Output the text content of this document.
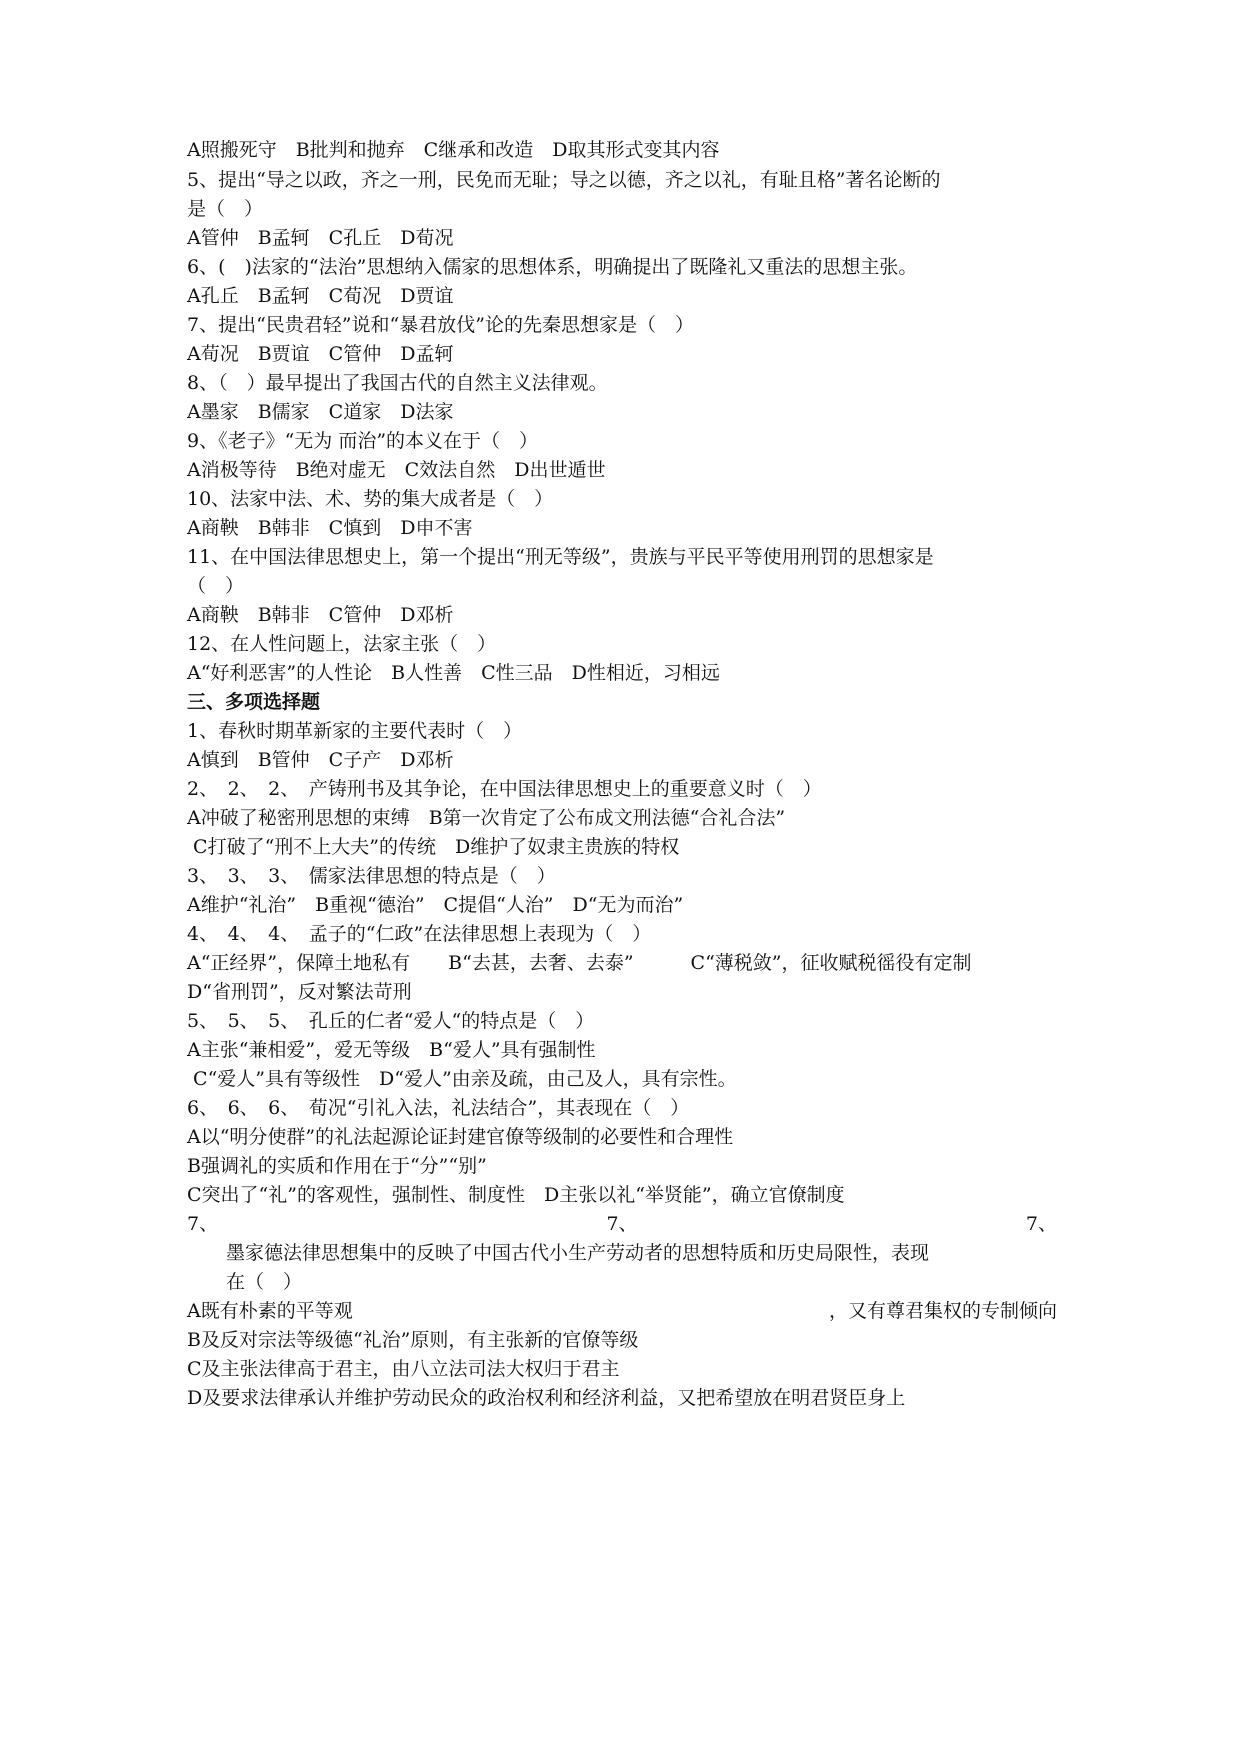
A照搬死守　B批判和抛弃　C继承和改造　D取其形式变其内容
5、提出“导之以政，齐之一刑，民免而无耻；导之以德，齐之以礼，有耻且格”著名论断的
是（　）
A管仲　B孟轲　C孔丘　D荀况
6、(　)法家的“法治”思想纳入儒家的思想体系，明确提出了既隆礼又重法的思想主张。
A孔丘　B孟轲　C荀况　D贾谊
7、提出“民贵君轻”说和“暴君放伐”论的先秦思想家是（　）
A荀况　B贾谊　C管仲　D孟轲
8、（　）最早提出了我国古代的自然主义法律观。
A墨家　B儒家　C道家　D法家
9、《老子》“无为 而治”的本义在于（　）
A消极等待　B绝对虚无　C效法自然　D出世遁世
10、法家中法、术、势的集大成者是（　）
A商鞅　B韩非　C慎到　D申不害
11、在中国法律思想史上，第一个提出“刑无等级”，贵族与平民平等使用刑罚的思想家是
（　）
A商鞅　B韩非　C管仲　D邓析
12、在人性问题上，法家主张（　）
A“好利恶害”的人性论　B人性善　C性三品　D性相近，习相远
三、多项选择题
1、春秋时期革新家的主要代表时（　）
A慎到　B管仲　C子产　D邓析
2、　2、　2、　产铸刑书及其争论，在中国法律思想史上的重要意义时（　）
A冲破了秘密刑思想的束缚　B第一次肯定了公布成文刑法德“合礼合法”
C打破了“刑不上大夫”的传统　D维护了奴隶主贵族的特权
3、　3、　3、　儒家法律思想的特点是（　）
A维护“礼治”　B重视“德治”　C提倡“人治”　D“无为而治”
4、　4、　4、　孟子的“仁政”在法律思想上表现为（　）
A“正经界”，保障土地私有　　B“去甚，去奢、去泰”　　　C“薄税敛”，征收赋税徭役有定制
D“省刑罚”，反对繁法苛刑
5、　5、　5、　孔丘的仁者“爱人“的特点是（　）
A主张“兼相爱”，爱无等级　B“爱人”具有强制性
C“爱人”具有等级性　D“爱人”由亲及疏，由己及人，具有宗性。
6、　6、　6、　荀况“引礼入法，礼法结合”，其表现在（　）
A以“明分使群”的礼法起源论证封建官僚等级制的必要性和合理性
B强调礼的实质和作用在于“分”“别”
C突出了“礼”的客观性，强制性、制度性　D主张以礼“举贤能”，确立官僚制度
7、	7、	7、
墨家德法律思想集中的反映了中国古代小生产劳动者的思想特质和历史局限性，表现
在（　）
A既有朴素的平等观	，又有尊君集权的专制倾向
B及反对宗法等级德“礼治”原则，有主张新的官僚等级
C及主张法律高于君主，由八立法司法大权归于君主
D及要求法律承认并维护劳动民众的政治权利和经济利益，又把希望放在明君贤臣身上
